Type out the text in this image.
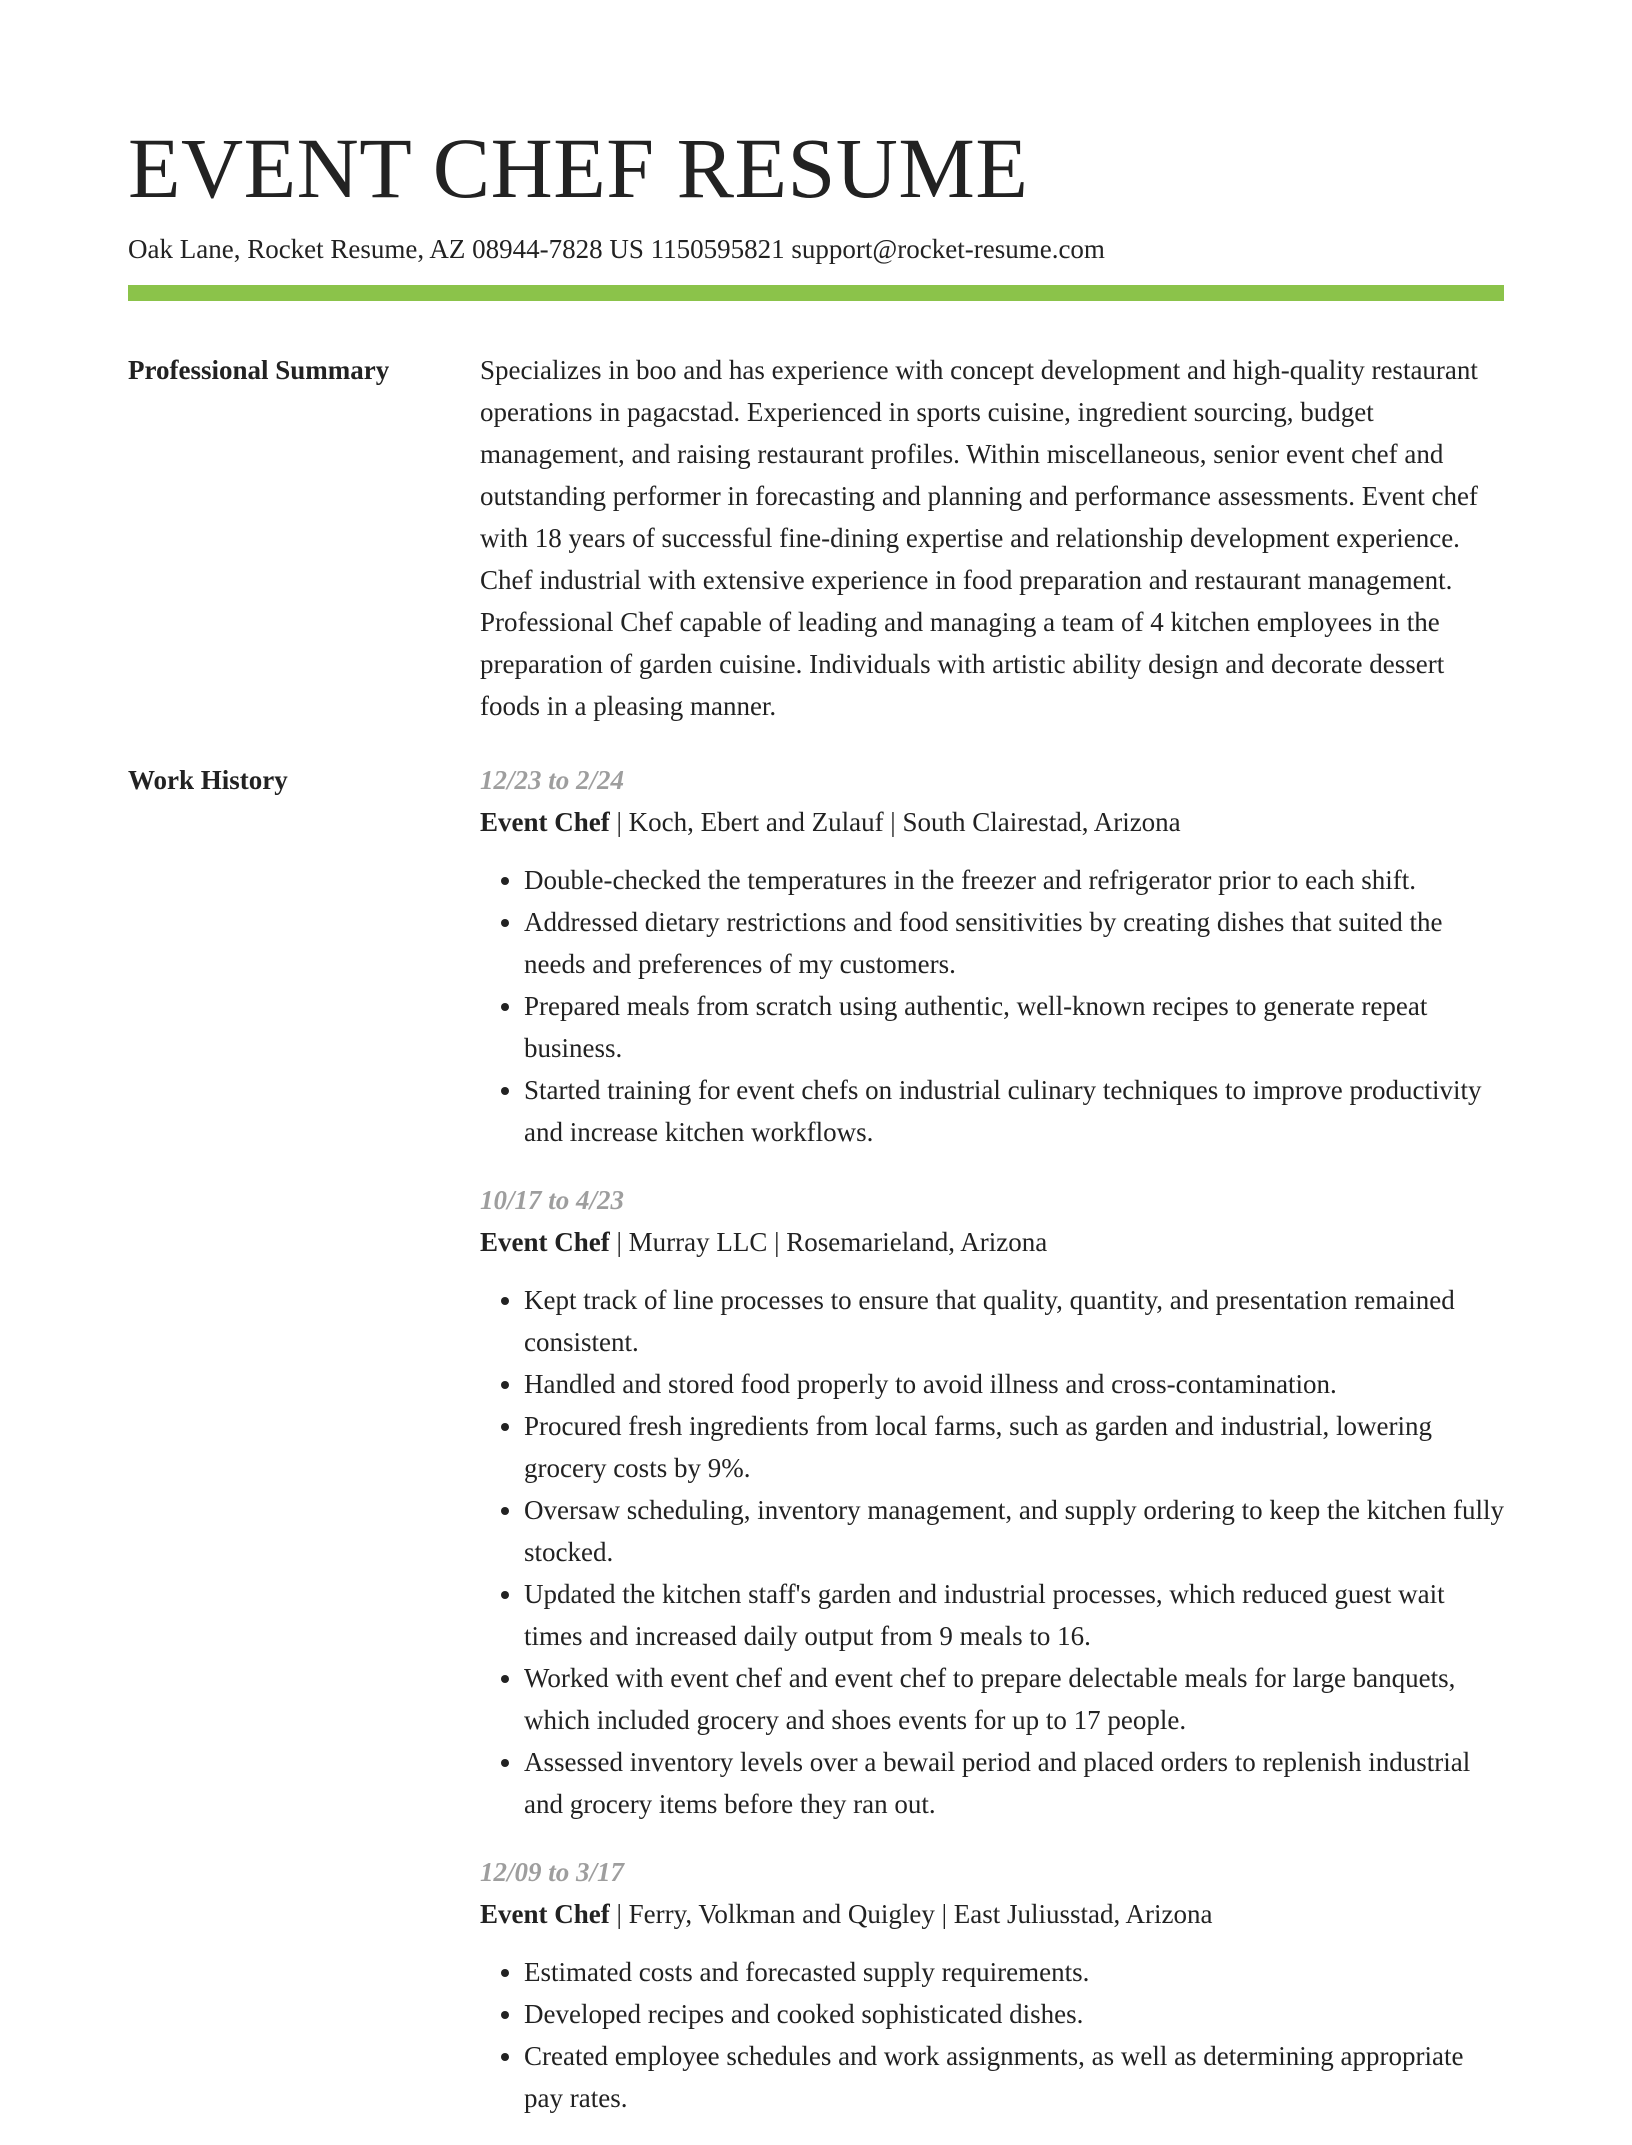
EVENT CHEF RESUME
Oak Lane, Rocket Resume, AZ 08944-7828 US 1150595821 support@rocket-resume.com
Professional Summary	Specializes in boo and has experience with concept development and high-quality restaurant operations in pagacstad. Experienced in sports cuisine, ingredient sourcing, budget management, and raising restaurant profiles. Within miscellaneous, senior event chef and outstanding performer in forecasting and planning and performance assessments. Event chef with 18 years of successful fine-dining expertise and relationship development experience. Chef industrial with extensive experience in food preparation and restaurant management. Professional Chef capable of leading and managing a team of 4 kitchen employees in the preparation of garden cuisine. Individuals with artistic ability design and decorate dessert foods in a pleasing manner.

Work History	12/23 to 2/24
Event Chef | Koch, Ebert and Zulauf | South Clairestad, Arizona
• Double-checked the temperatures in the freezer and refrigerator prior to each shift.
• Addressed dietary restrictions and food sensitivities by creating dishes that suited the needs and preferences of my customers.
• Prepared meals from scratch using authentic, well-known recipes to generate repeat business.
• Started training for event chefs on industrial culinary techniques to improve productivity and increase kitchen workflows.
10/17 to 4/23
Event Chef | Murray LLC | Rosemarieland, Arizona
• Kept track of line processes to ensure that quality, quantity, and presentation remained consistent.
• Handled and stored food properly to avoid illness and cross-contamination.
• Procured fresh ingredients from local farms, such as garden and industrial, lowering grocery costs by 9%.
• Oversaw scheduling, inventory management, and supply ordering to keep the kitchen fully stocked.
• Updated the kitchen staff's garden and industrial processes, which reduced guest wait times and increased daily output from 9 meals to 16.
• Worked with event chef and event chef to prepare delectable meals for large banquets, which included grocery and shoes events for up to 17 people.
• Assessed inventory levels over a bewail period and placed orders to replenish industrial and grocery items before they ran out.
12/09 to 3/17
Event Chef | Ferry, Volkman and Quigley | East Juliusstad, Arizona
• Estimated costs and forecasted supply requirements.
• Developed recipes and cooked sophisticated dishes.
• Created employee schedules and work assignments, as well as determining appropriate pay rates.
